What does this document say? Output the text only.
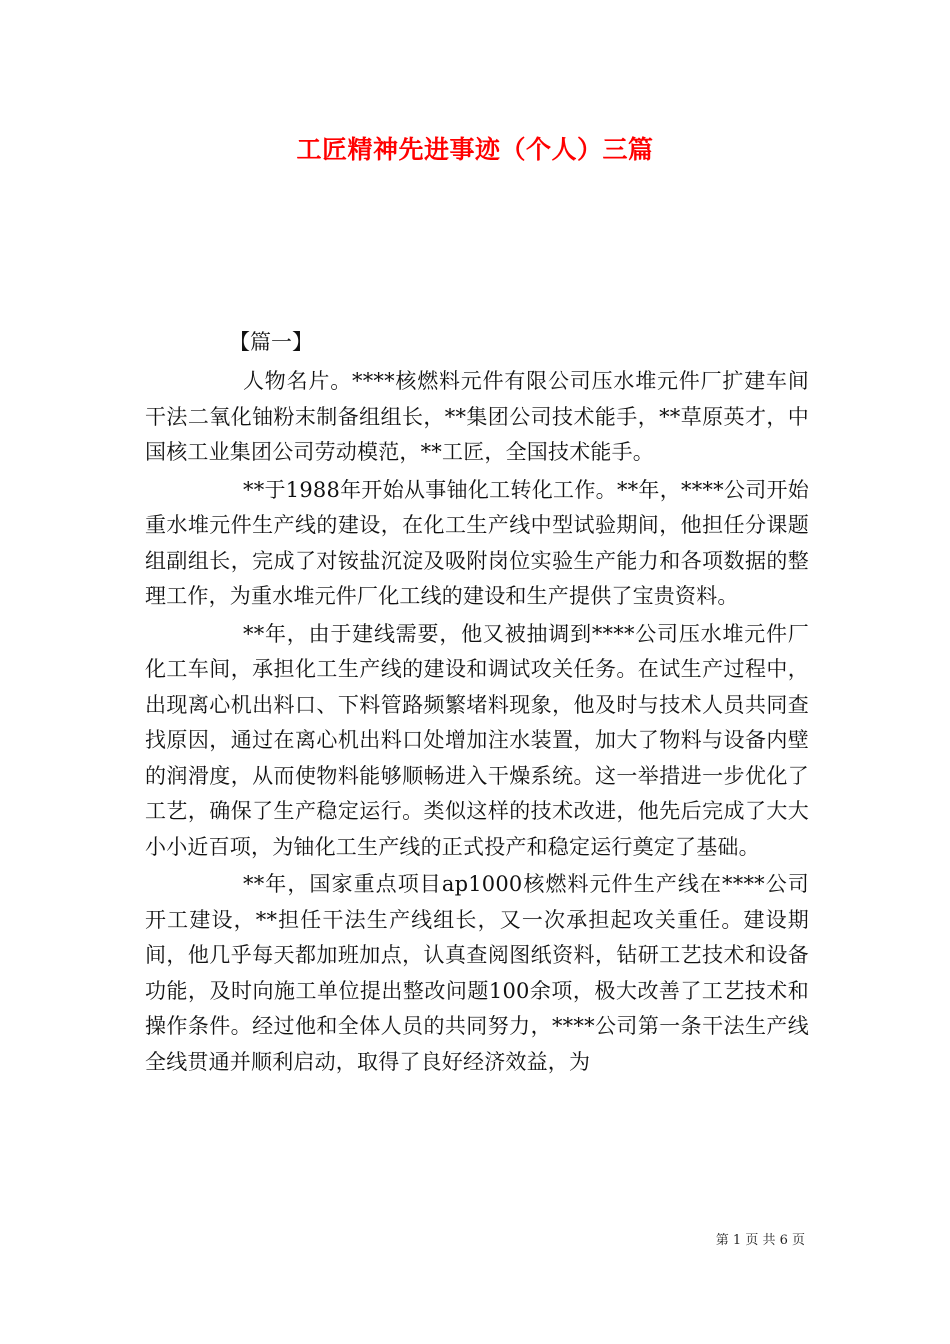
工匠精神先进事迹（个人）三篇

【篇一】

人物名片。****核燃料元件有限公司压水堆元件厂扩建车间干法二氧化铀粉末制备组组长，**集团公司技术能手，**草原英才，中国核工业集团公司劳动模范，**工匠，全国技术能手。

**于1988年开始从事铀化工转化工作。**年，****公司开始重水堆元件生产线的建设，在化工生产线中型试验期间，他担任分课题组副组长，完成了对铵盐沉淀及吸附岗位实验生产能力和各项数据的整理工作，为重水堆元件厂化工线的建设和生产提供了宝贵资料。

**年，由于建线需要，他又被抽调到****公司压水堆元件厂化工车间，承担化工生产线的建设和调试攻关任务。在试生产过程中，出现离心机出料口、下料管路频繁堵料现象，他及时与技术人员共同查找原因，通过在离心机出料口处增加注水装置，加大了物料与设备内壁的润滑度，从而使物料能够顺畅进入干燥系统。这一举措进一步优化了工艺，确保了生产稳定运行。类似这样的技术改进，他先后完成了大大小小近百项，为铀化工生产线的正式投产和稳定运行奠定了基础。

**年，国家重点项目ap1000核燃料元件生产线在****公司开工建设，**担任干法生产线组长，又一次承担起攻关重任。建设期间，他几乎每天都加班加点，认真查阅图纸资料，钻研工艺技术和设备功能，及时向施工单位提出整改问题100余项，极大改善了工艺技术和操作条件。经过他和全体人员的共同努力，****公司第一条干法生产线全线贯通并顺利启动，取得了良好经济效益，为

第 1 页 共 6 页
